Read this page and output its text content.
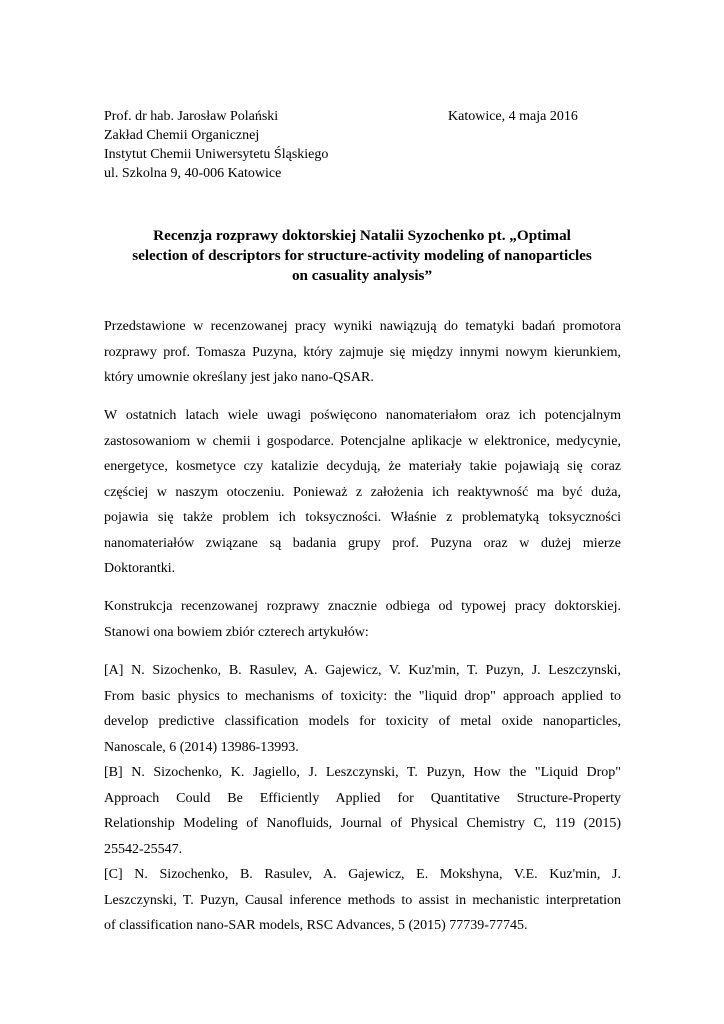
Prof. dr hab. Jarosław Polański
Zakład Chemii Organicznej
Instytut Chemii Uniwersytetu Śląskiego
ul. Szkolna 9, 40-006 Katowice
Katowice, 4 maja 2016
Recenzja rozprawy doktorskiej Natalii Syzochenko pt. „Optimal
selection of descriptors for structure-activity modeling of nanoparticles
on casuality analysis”
Przedstawione w recenzowanej pracy wyniki nawiązują do tematyki badań promotora
rozprawy prof. Tomasza Puzyna, który zajmuje się między innymi nowym kierunkiem,
który umownie określany jest jako nano-QSAR.
W ostatnich latach wiele uwagi poświęcono nanomateriałom oraz ich potencjalnym
zastosowaniom w chemii i gospodarce. Potencjalne aplikacje w elektronice, medycynie,
energetyce, kosmetyce czy katalizie decydują, że materiały takie pojawiają się coraz
częściej w naszym otoczeniu. Ponieważ z założenia ich reaktywność ma być duża,
pojawia się także problem ich toksyczności. Właśnie z problematyką toksyczności
nanomateriałów związane są badania grupy prof. Puzyna oraz w dużej mierze
Doktorantki.
Konstrukcja recenzowanej rozprawy znacznie odbiega od typowej pracy doktorskiej.
Stanowi ona bowiem zbiór czterech artykułów:
[A] N. Sizochenko, B. Rasulev, A. Gajewicz, V. Kuz'min, T. Puzyn, J. Leszczynski,
From basic physics to mechanisms of toxicity: the "liquid drop" approach applied to
develop predictive classification models for toxicity of metal oxide nanoparticles,
Nanoscale, 6 (2014) 13986-13993.
[B] N. Sizochenko, K. Jagiello, J. Leszczynski, T. Puzyn, How the "Liquid Drop"
Approach Could Be Efficiently Applied for Quantitative Structure-Property
Relationship Modeling of Nanofluids, Journal of Physical Chemistry C, 119 (2015)
25542-25547.
[C] N. Sizochenko, B. Rasulev, A. Gajewicz, E. Mokshyna, V.E. Kuz'min, J.
Leszczynski, T. Puzyn, Causal inference methods to assist in mechanistic interpretation
of classification nano-SAR models, RSC Advances, 5 (2015) 77739-77745.
